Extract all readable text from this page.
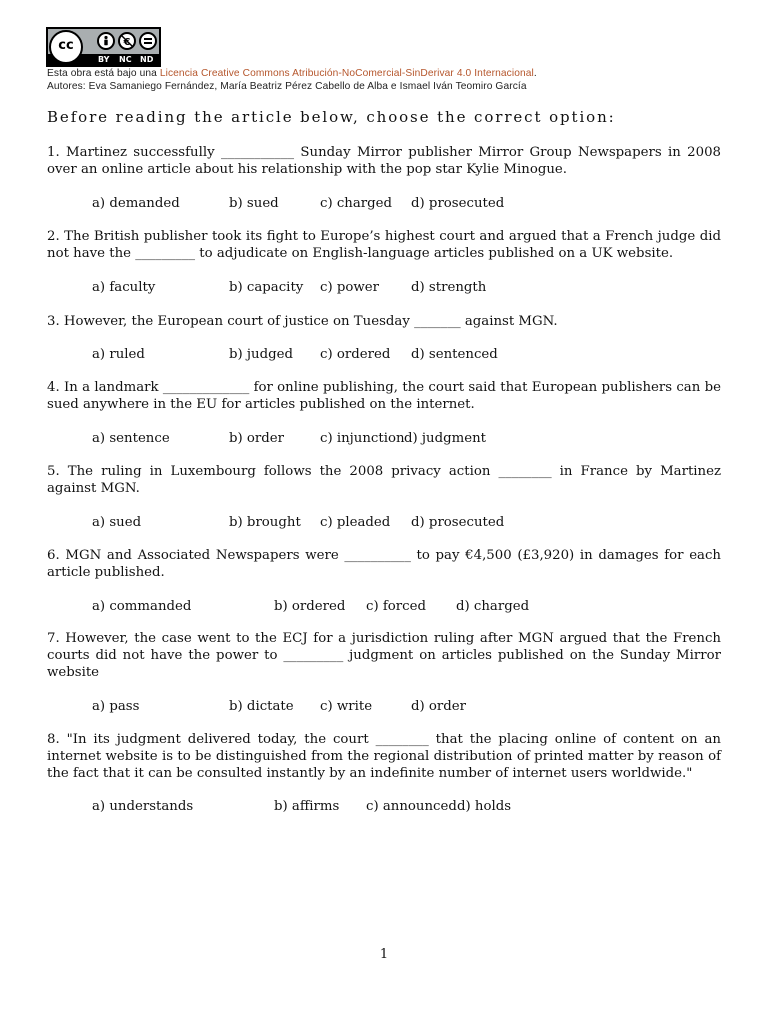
cc	€
BY NC ND
Esta obra está bajo una Licencia Creative Commons Atribución-NoComercial-SinDerivar 4.0 Internacional.
Autores: Eva Samaniego Fernández, María Beatriz Pérez Cabello de Alba e Ismael Iván Teomiro García
Before reading the article below, choose the correct option:
1. Martinez successfully ___________ Sunday Mirror publisher Mirror Group Newspapers in 2008 over an online article about his relationship with the pop star Kylie Minogue.
a) demanded	b) sued	c) charged d) prosecuted
2. The British publisher took its fight to Europe’s highest court and argued that a French judge did not have the _________ to adjudicate on English-language articles published on a UK website.
a) faculty	b) capacity c) power d) strength
3. However, the European court of justice on Tuesday _______ against MGN.
a) ruled	b) judged c) ordered d) sentenced
4. In a landmark _____________ for online publishing, the court said that European publishers can be sued anywhere in the EU for articles published on the internet.
a) sentence	b) order	c) injunction d) judgment
5. The ruling in Luxembourg follows the 2008 privacy action ________ in France by Martinez against MGN.
a) sued	b) brought c) pleaded d) prosecuted
6. MGN and Associated Newspapers were __________ to pay €4,500 (£3,920) in damages for each article published.
a) commanded	b) ordered c) forced d) charged
7. However, the case went to the ECJ for a jurisdiction ruling after MGN argued that the French courts did not have the power to _________ judgment on articles published on the Sunday Mirror website
a) pass	b) dictate c) write	d) order
8. "In its judgment delivered today, the court ________ that the placing online of content on an internet website is to be distinguished from the regional distribution of printed matter by reason of the fact that it can be consulted instantly by an indefinite number of internet users worldwide."
a) understands	b) affirms c) announced d) holds
1
